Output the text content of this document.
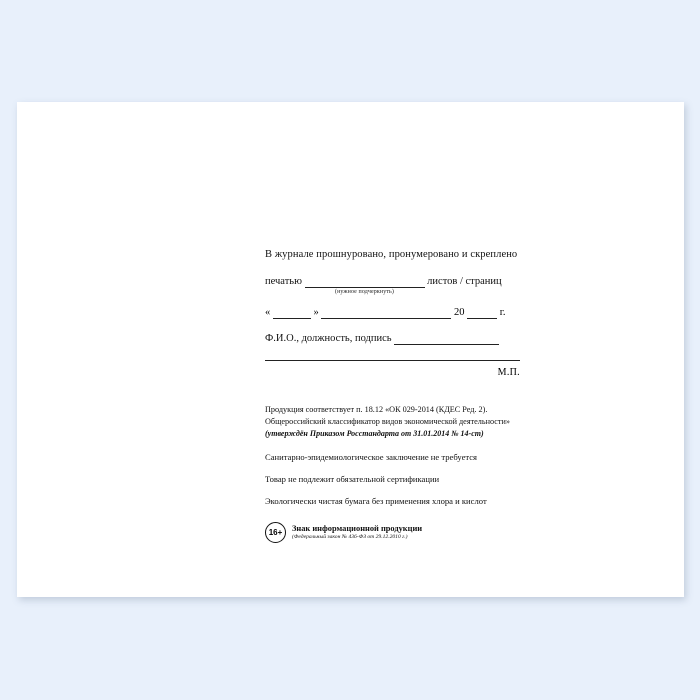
В журнале прошнуровано, пронумеровано и скреплено
печатью	листов / страниц
(нужное подчеркнуть)
«	»	20	г.
Ф.И.О., должность, подпись
М.П.
Продукция соответствует п. 18.12 «ОК 029-2014 (КДЕС Ред. 2).
Общероссийский классификатор видов экономической деятельности»
(утверждён Приказом Росстандарта от 31.01.2014 № 14-ст)
Санитарно-эпидемиологическое заключение не требуется
Товар не подлежит обязательной сертификации
Экологически чистая бумага без применения хлора и кислот
16+	Знак информационной продукции
(Федеральный закон № 436-ФЗ от 29.12.2010 г.)
